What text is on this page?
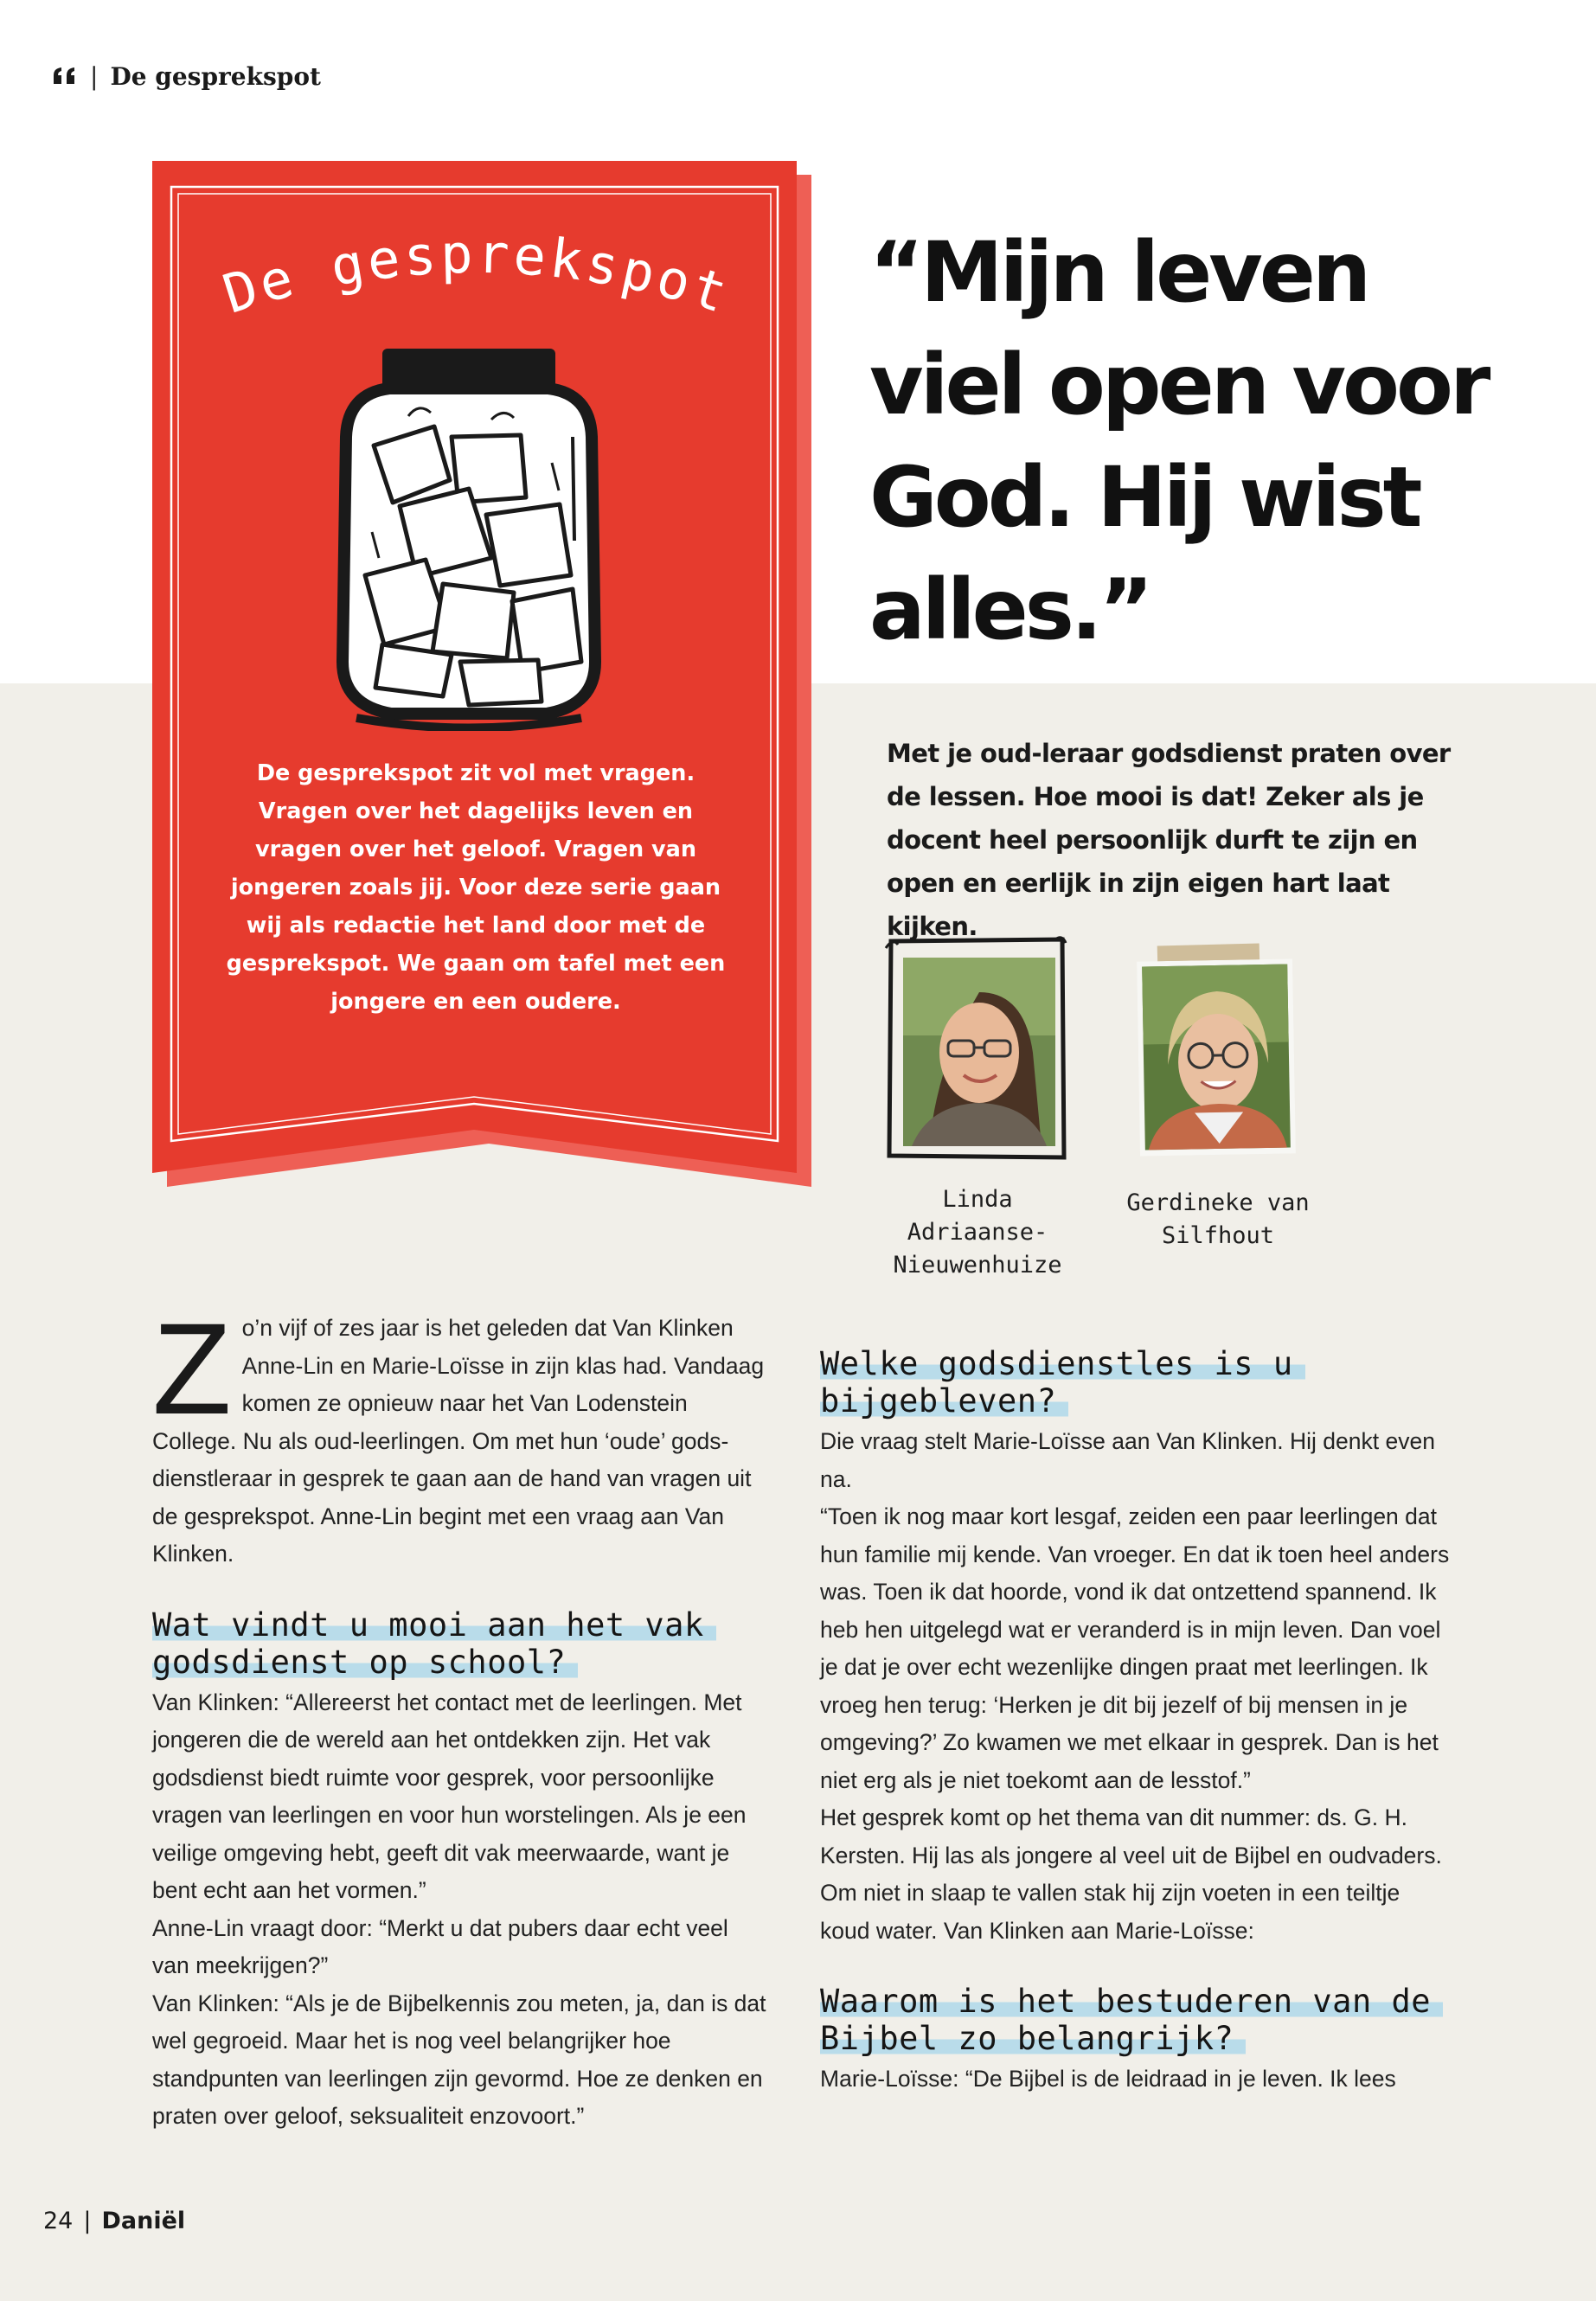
| De gesprekspot
De gesprekspot

De gesprekspot zit vol met vragen. Vragen over het dagelijks leven en vragen over het geloof. Vragen van jongeren zoals jij. Voor deze serie gaan wij als redactie het land door met de gesprekspot. We gaan om tafel met een jongere en een oudere.

“Mijn leven viel open voor God. Hij wist alles.”

Met je oud-leraar godsdienst praten over de lessen. Hoe mooi is dat! Zeker als je docent heel persoonlijk durft te zijn en open en eerlijk in zijn eigen hart laat kijken.

Linda Adriaanse-Nieuwenhuize

Gerdineke van Silfhout

Zo’n vijf of zes jaar is het geleden dat Van Klinken Anne-Lin en Marie-Loïsse in zijn klas had. Vandaag komen ze opnieuw naar het Van Lodenstein College. Nu als oud-leerlingen. Om met hun ‘oude’ godsdienstleraar in gesprek te gaan aan de hand van vragen uit de gesprekspot. Anne-Lin begint met een vraag aan Van Klinken.

Wat vindt u mooi aan het vak godsdienst op school?

Van Klinken: “Allereerst het contact met de leerlingen. Met jongeren die de wereld aan het ontdekken zijn. Het vak godsdienst biedt ruimte voor gesprek, voor persoonlijke vragen van leerlingen en voor hun worstelingen. Als je een veilige omgeving hebt, geeft dit vak meerwaarde, want je bent echt aan het vormen.”

Anne-Lin vraagt door: “Merkt u dat pubers daar echt veel van meekrijgen?”

Van Klinken: “Als je de Bijbelkennis zou meten, ja, dan is dat wel gegroeid. Maar het is nog veel belangrijker hoe standpunten van leerlingen zijn gevormd. Hoe ze denken en praten over geloof, seksualiteit enzovoort.”

Welke godsdienstles is u bijgebleven?

Die vraag stelt Marie-Loïsse aan Van Klinken. Hij denkt even na.

“Toen ik nog maar kort lesgaf, zeiden een paar leerlingen dat hun familie mij kende. Van vroeger. En dat ik toen heel anders was. Toen ik dat hoorde, vond ik dat ontzettend spannend. Ik heb hen uitgelegd wat er veranderd is in mijn leven. Dan voel je dat je over echt wezenlijke dingen praat met leerlingen. Ik vroeg hen terug: ‘Herken je dit bij jezelf of bij mensen in je omgeving?’ Zo kwamen we met elkaar in gesprek. Dan is het niet erg als je niet toekomt aan de lesstof.”

Het gesprek komt op het thema van dit nummer: ds. G. H. Kersten. Hij las als jongere al veel uit de Bijbel en oudvaders. Om niet in slaap te vallen stak hij zijn voeten in een teiltje koud water. Van Klinken aan Marie-Loïsse:

Waarom is het bestuderen van de Bijbel zo belangrijk?

Marie-Loïsse: “De Bijbel is de leidraad in je leven. Ik lees

24 | Daniël
